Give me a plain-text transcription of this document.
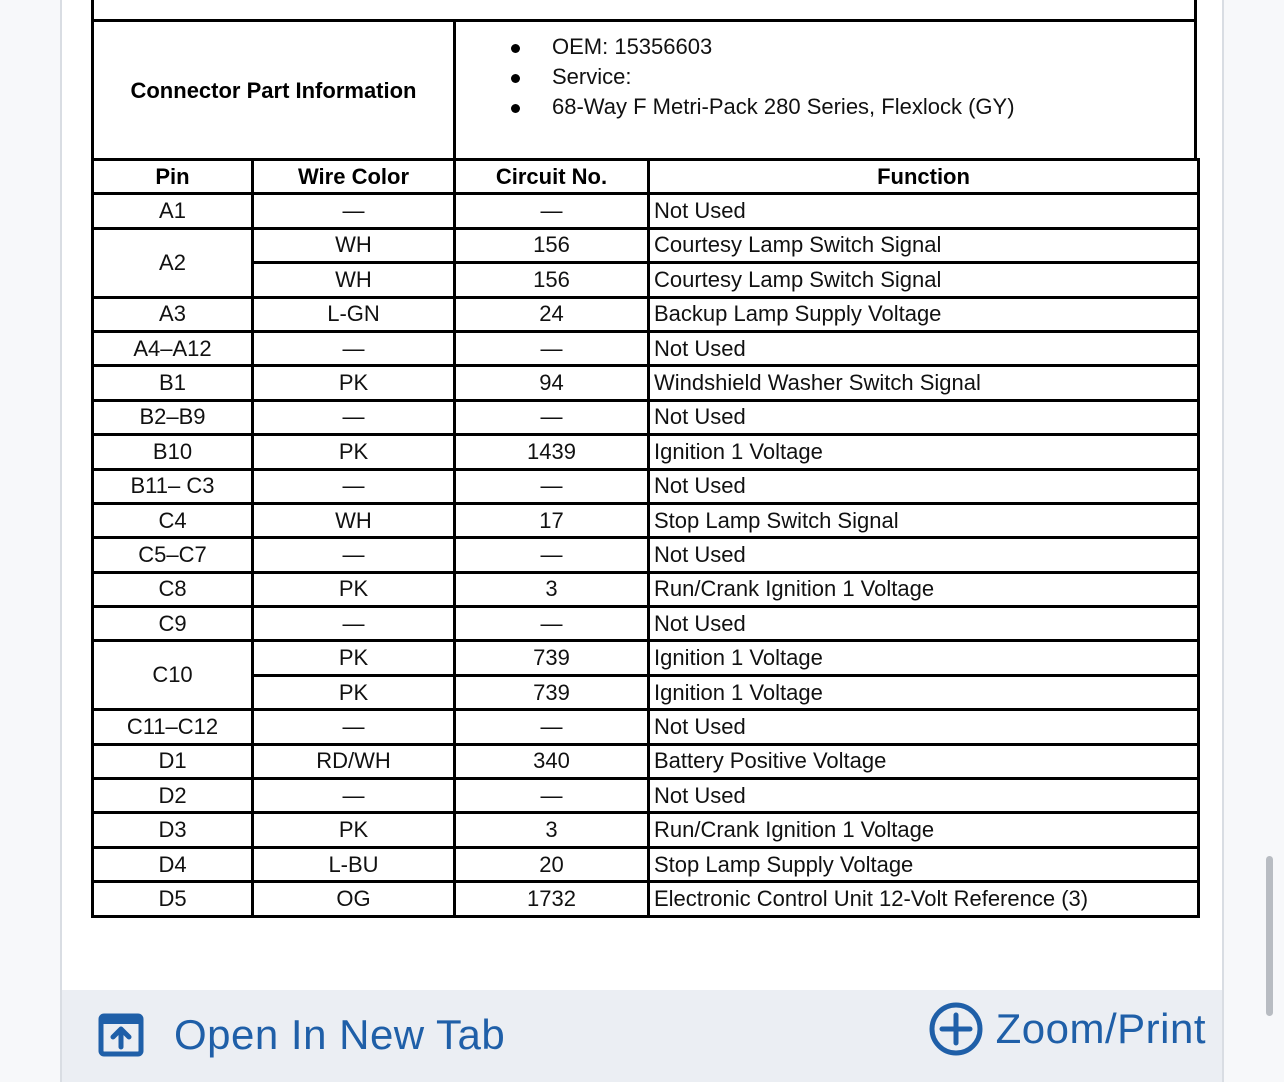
Connector Part Information
OEM: 15356603
Service:
68-Way F Metri-Pack 280 Series, Flexlock (GY)
Pin	Wire Color	Circuit No.	Function
A1	—	—	Not Used
A2	WH	156	Courtesy Lamp Switch Signal
	WH	156	Courtesy Lamp Switch Signal
A3	L-GN	24	Backup Lamp Supply Voltage
A4–A12	—	—	Not Used
B1	PK	94	Windshield Washer Switch Signal
B2–B9	—	—	Not Used
B10	PK	1439	Ignition 1 Voltage
B11– C3	—	—	Not Used
C4	WH	17	Stop Lamp Switch Signal
C5–C7	—	—	Not Used
C8	PK	3	Run/Crank Ignition 1 Voltage
C9	—	—	Not Used
C10	PK	739	Ignition 1 Voltage
	PK	739	Ignition 1 Voltage
C11–C12	—	—	Not Used
D1	RD/WH	340	Battery Positive Voltage
D2	—	—	Not Used
D3	PK	3	Run/Crank Ignition 1 Voltage
D4	L-BU	20	Stop Lamp Supply Voltage
D5	OG	1732	Electronic Control Unit 12-Volt Reference (3)
Open In New Tab	Zoom/Print
